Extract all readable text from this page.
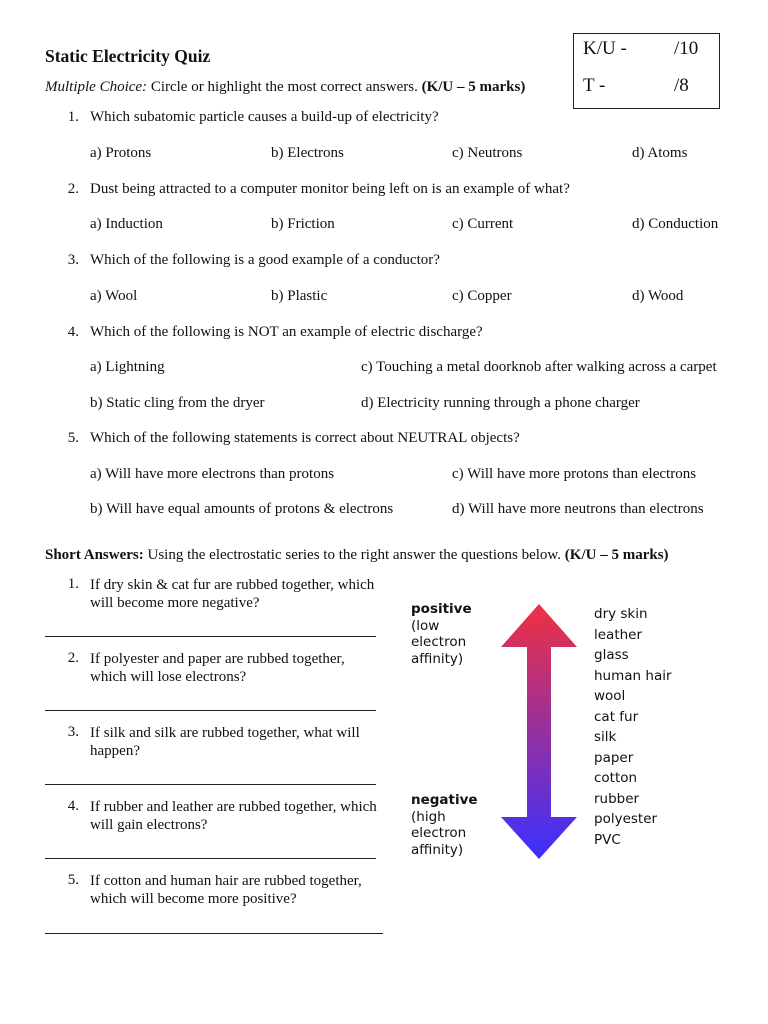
Static Electricity Quiz
Multiple Choice: Circle or highlight the most correct answers. (K/U – 5 marks)
K/U - /10
T -	/8
1. Which subatomic particle causes a build-up of electricity?
a) Protons	b) Electrons	c) Neutrons	d) Atoms
2. Dust being attracted to a computer monitor being left on is an example of what?
a) Induction	b) Friction	c) Current	d) Conduction
3. Which of the following is a good example of a conductor?
a) Wool	b) Plastic	c) Copper	d) Wood
4. Which of the following is NOT an example of electric discharge?
a) Lightning	c) Touching a metal doorknob after walking across a carpet
b) Static cling from the dryer	d) Electricity running through a phone charger
5. Which of the following statements is correct about NEUTRAL objects?
a) Will have more electrons than protons	c) Will have more protons than electrons
b) Will have equal amounts of protons & electrons	d) Will have more neutrons than electrons
Short Answers: Using the electrostatic series to the right answer the questions below. (K/U – 5 marks)
1. If dry skin & cat fur are rubbed together, which
will become more negative?
2. If polyester and paper are rubbed together,
which will lose electrons?
3. If silk and silk are rubbed together, what will
happen?
4. If rubber and leather are rubbed together, which
will gain electrons?
5. If cotton and human hair are rubbed together,
which will become more positive?
positive
(low
electron
affinity)
negative
(high
electron
affinity)
dry skin
leather
glass
human hair
wool
cat fur
silk
paper
cotton
rubber
polyester
PVC
